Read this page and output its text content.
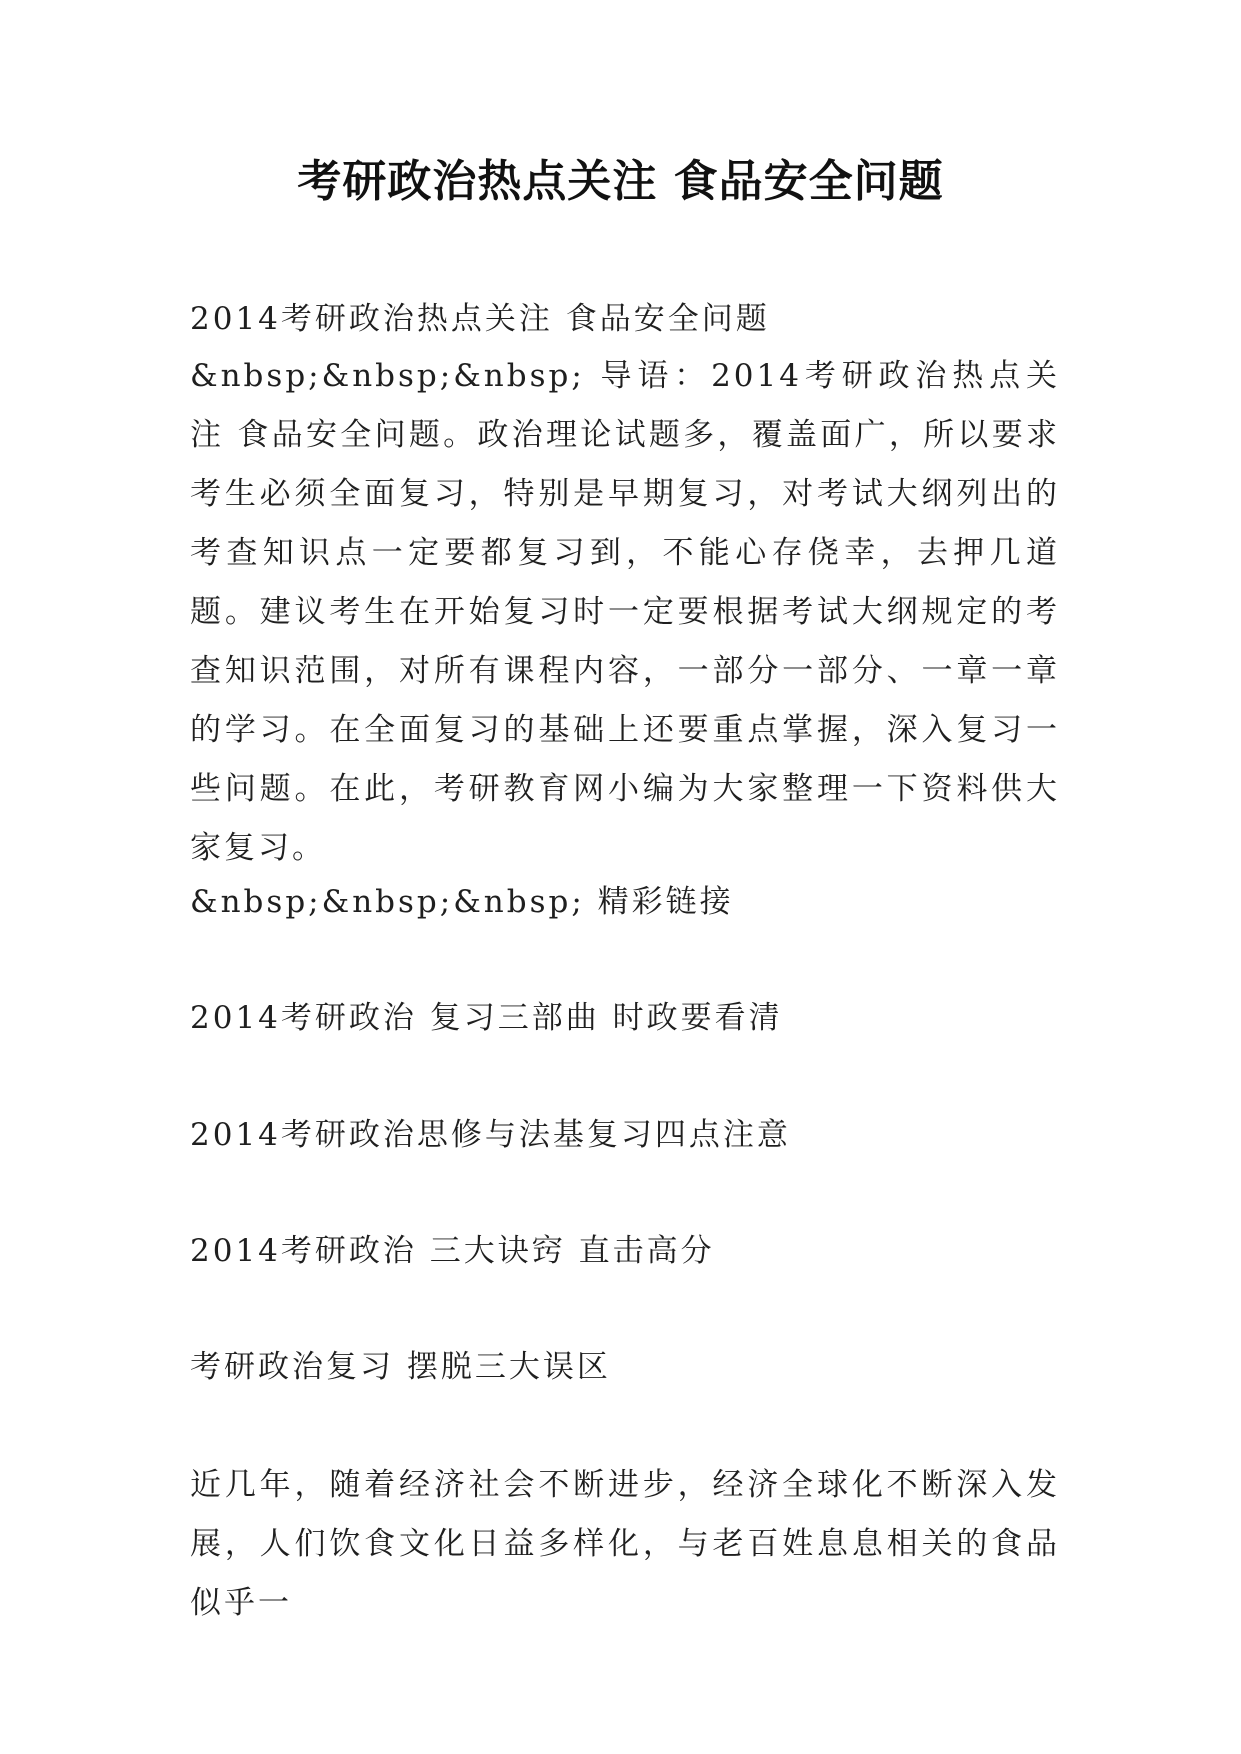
考研政治热点关注 食品安全问题

2014考研政治热点关注 食品安全问题

&nbsp;&nbsp;&nbsp; 导语：2014考研政治热点关注 食品安全问题。政治理论试题多，覆盖面广，所以要求考生必须全面复习，特别是早期复习，对考试大纲列出的考查知识点一定要都复习到，不能心存侥幸，去押几道题。建议考生在开始复习时一定要根据考试大纲规定的考查知识范围，对所有课程内容，一部分一部分、一章一章的学习。在全面复习的基础上还要重点掌握，深入复习一些问题。在此，考研教育网小编为大家整理一下资料供大家复习。

&nbsp;&nbsp;&nbsp; 精彩链接

2014考研政治 复习三部曲 时政要看清

2014考研政治思修与法基复习四点注意

2014考研政治 三大诀窍 直击高分

考研政治复习 摆脱三大误区

近几年，随着经济社会不断进步，经济全球化不断深入发展，人们饮食文化日益多样化，与老百姓息息相关的食品似乎一
